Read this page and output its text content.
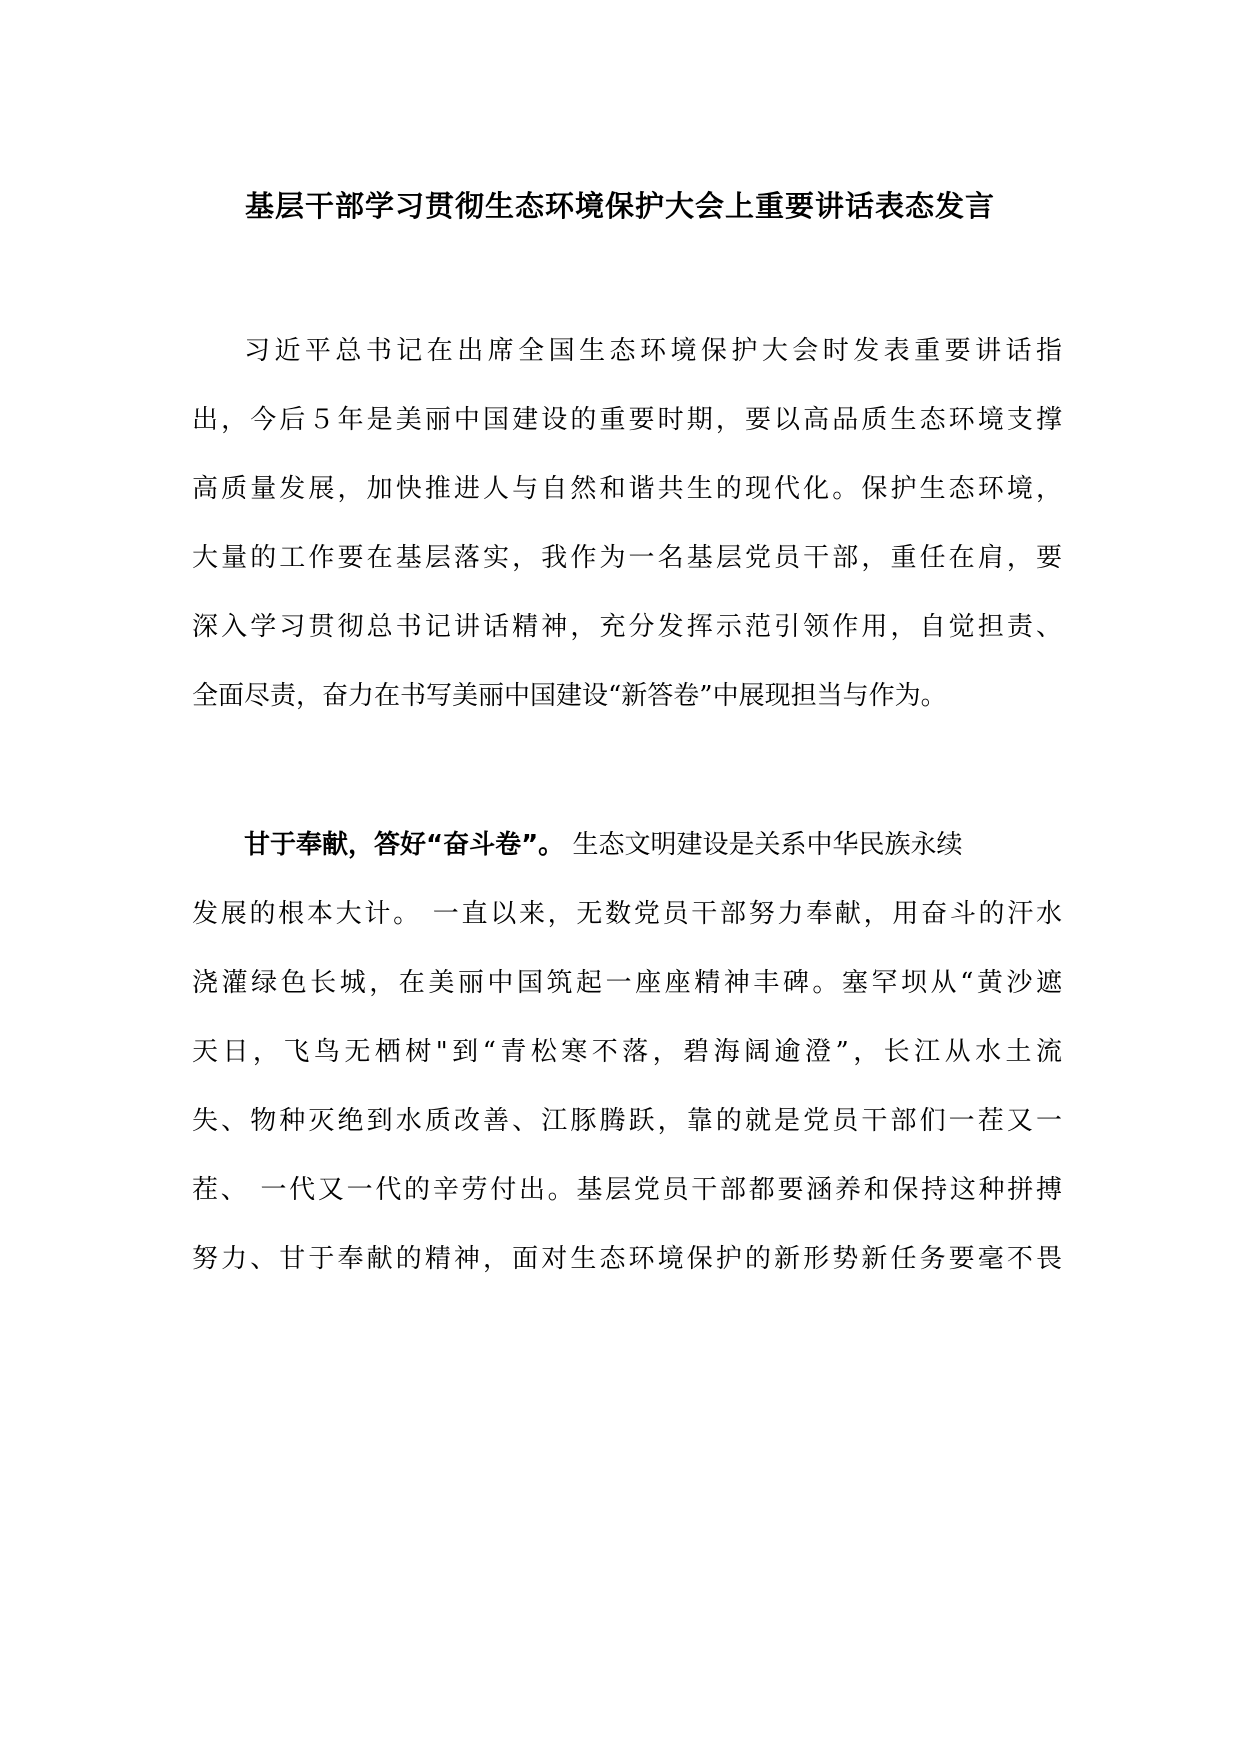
基层干部学习贯彻生态环境保护大会上重要讲话表态发言
习近平总书记在出席全国生态环境保护大会时发表重要讲话指
出，今后５年是美丽中国建设的重要时期，要以高品质生态环境支撑
高质量发展，加快推进人与自然和谐共生的现代化。保护生态环境，
大量的工作要在基层落实，我作为一名基层党员干部，重任在肩，要
深入学习贯彻总书记讲话精神，充分发挥示范引领作用，自觉担责、
全面尽责，奋力在书写美丽中国建设“新答卷”中展现担当与作为。
甘于奉献，答好“奋斗卷”。 生态文明建设是关系中华民族永续
发展的根本大计。 一直以来，无数党员干部努力奉献，用奋斗的汗水
浇灌绿色长城，在美丽中国筑起一座座精神丰碑。塞罕坝从“黄沙遮
天日，飞鸟无栖树"到“青松寒不落，碧海阔逾澄”，长江从水土流
失、物种灭绝到水质改善、江豚腾跃，靠的就是党员干部们一茬又一
茬、 一代又一代的辛劳付出。基层党员干部都要涵养和保持这种拼搏
努力、甘于奉献的精神，面对生态环境保护的新形势新任务要毫不畏
